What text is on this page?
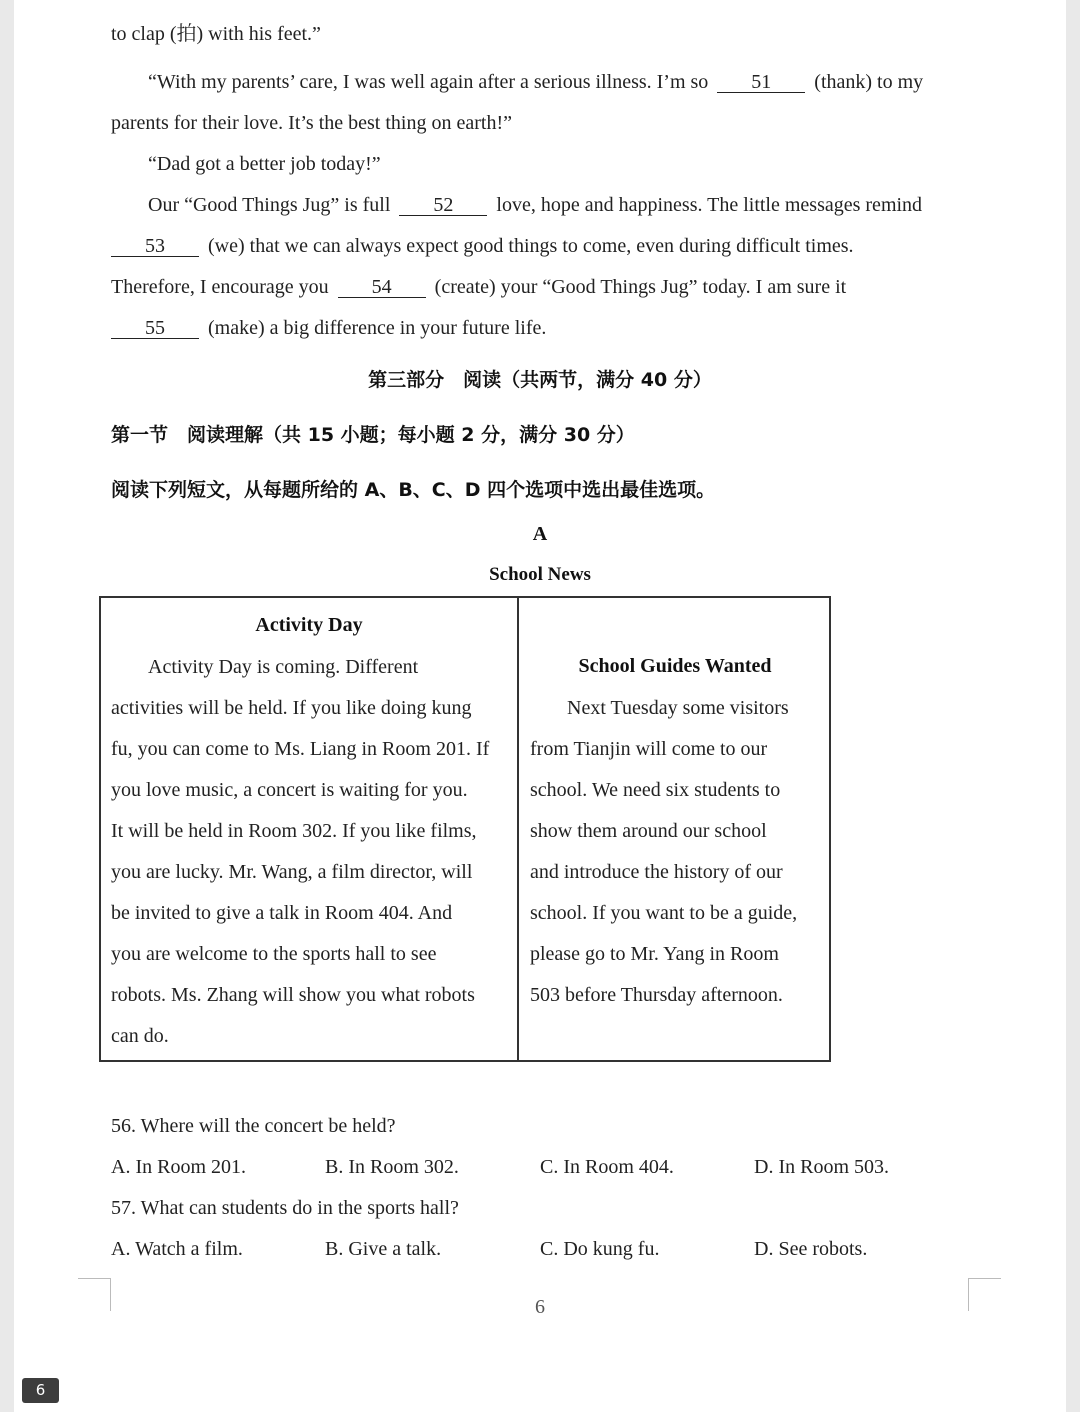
to clap (拍) with his feet.”
“With my parents’ care, I was well again after a serious illness. I’m so 51 (thank) to my
parents for their love. It’s the best thing on earth!”
“Dad got a better job today!”
Our “Good Things Jug” is full 52 love, hope and happiness. The little messages remind
53 (we) that we can always expect good things to come, even during difficult times.
Therefore, I encourage you 54 (create) your “Good Things Jug” today. I am sure it
55 (make) a big difference in your future life.
第三部分　阅读（共两节，满分 40 分）
第一节　阅读理解（共 15 小题；每小题 2 分，满分 30 分）
阅读下列短文，从每题所给的 A、B、C、D 四个选项中选出最佳选项。
A
School News
Activity Day
Activity Day is coming. Different
activities will be held. If you like doing kung
fu, you can come to Ms. Liang in Room 201. If
you love music, a concert is waiting for you.
It will be held in Room 302. If you like films,
you are lucky. Mr. Wang, a film director, will
be invited to give a talk in Room 404. And
you are welcome to the sports hall to see
robots. Ms. Zhang will show you what robots
can do.
School Guides Wanted
Next Tuesday some visitors
from Tianjin will come to our
school. We need six students to
show them around our school
and introduce the history of our
school. If you want to be a guide,
please go to Mr. Yang in Room
503 before Thursday afternoon.
56. Where will the concert be held?
A. In Room 201.	B. In Room 302.	C. In Room 404.	D. In Room 503.
57. What can students do in the sports hall?
A. Watch a film.	B. Give a talk.	C. Do kung fu.	D. See robots.
6
6
